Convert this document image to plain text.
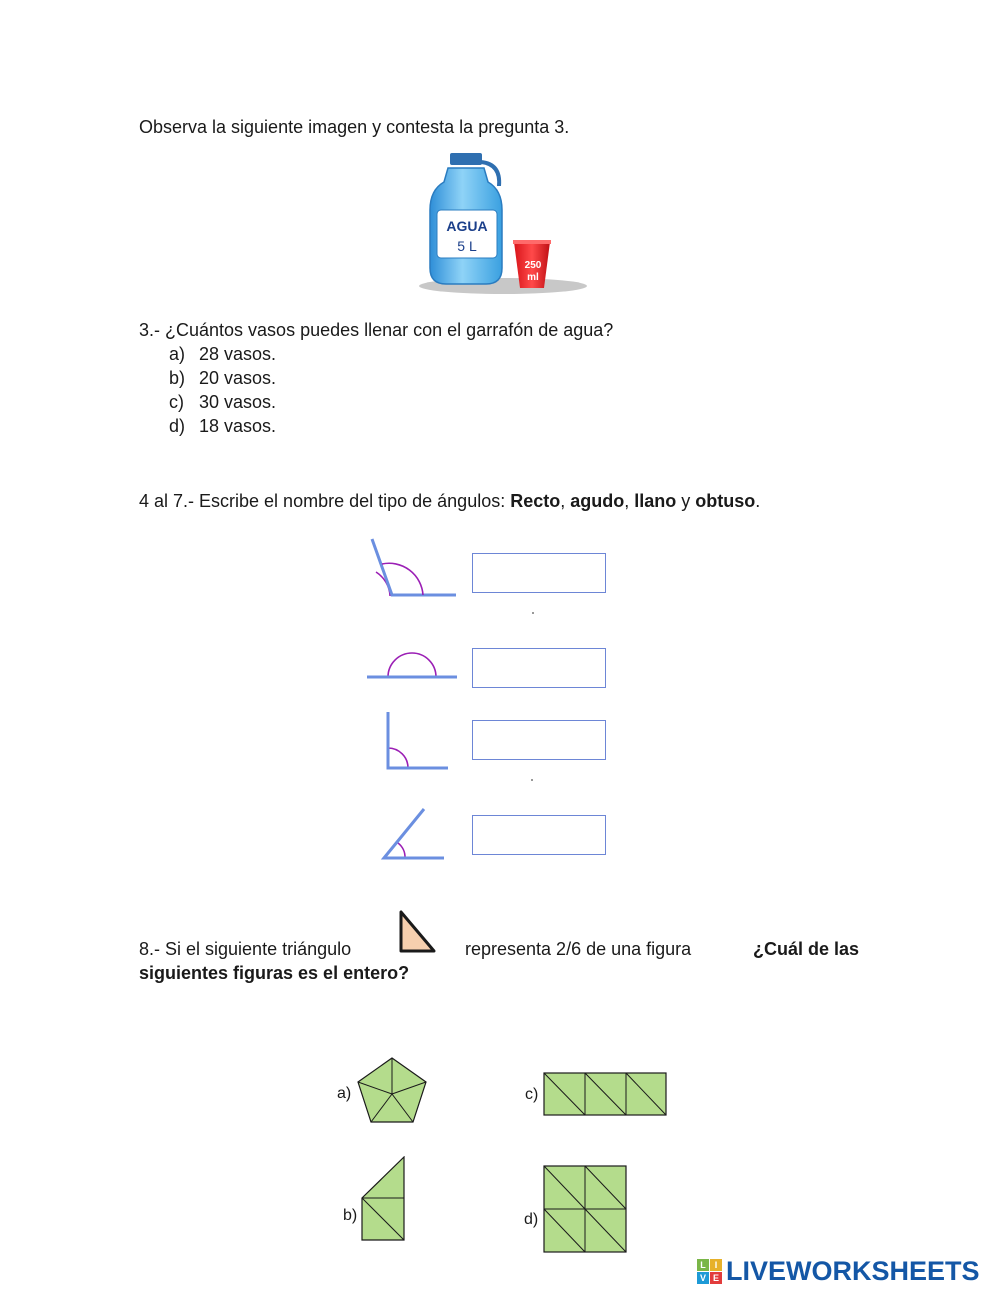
Observa la siguiente imagen y contesta la pregunta 3.
AGUA
5 L
250
ml
3.- ¿Cuántos vasos puedes llenar con el garrafón de agua?
a) 28 vasos.
b) 20 vasos.
c) 30 vasos.
d) 18 vasos.
4 al 7.- Escribe el nombre del tipo de ángulos: Recto, agudo, llano y obtuso.
8.- Si el siguiente triángulo	representa 2/6 de una figura	¿Cuál de las
siguientes figuras es el entero?
a)
b)
c)
d)
L I
V E LIVEWORKSHEETS
